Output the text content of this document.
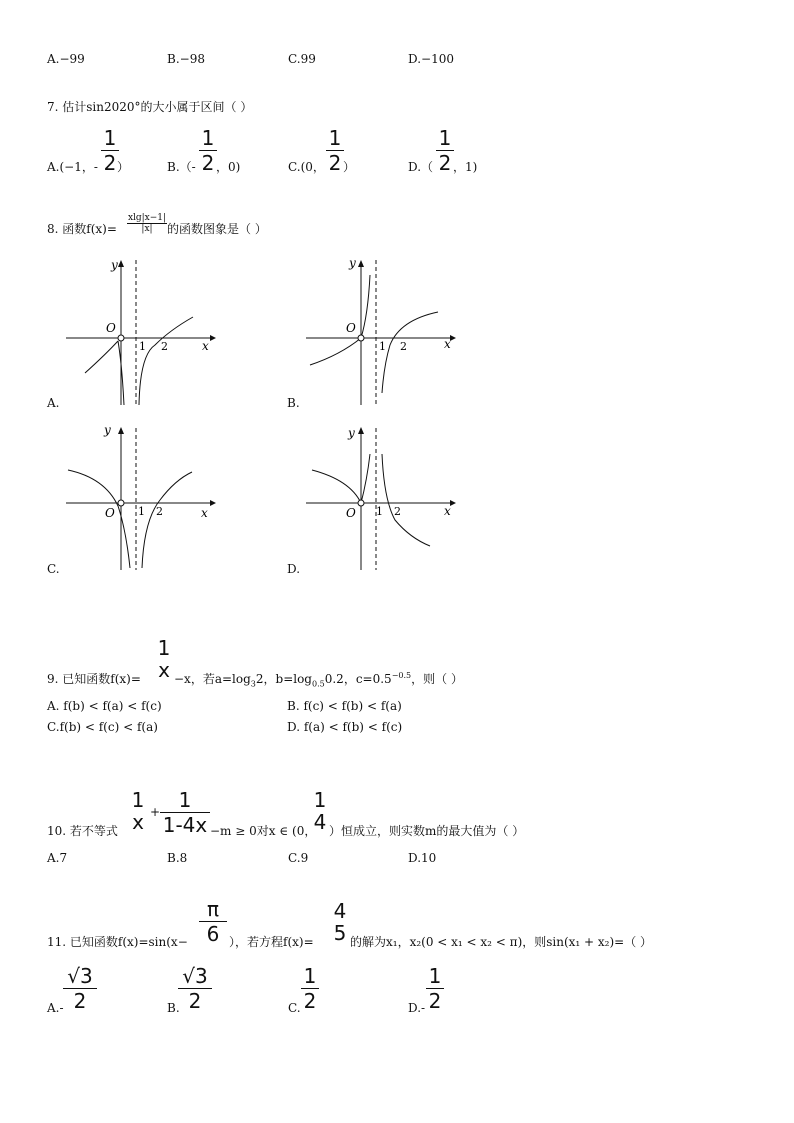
A.−99	B.−98	C.99	D.−100
7. 估计sin2020°的大小属于区间（ ）
A.(−1，-
1
2 ）	B.（-
1
2 ，0)	C.(0，
1
2 ）	D.（
1
2 ，1)
8. 函数f(x)=
xlg|x−1|
|x|	的函数图象是（ ）
y
O
1 2	x
A.
y
O
1 2	x
B.
y
O 1 2	x
C.
y
O 1 2	x
D.
9. 已知函数f(x)=
1
x −x，若$a=\log_32$，$b=\log_{0.5}0.2$，$c=0.5^{-0.5}$，则（ ）
A. f(b) < f(a) < f(c)	B. f(c) < f(b) < f(a)
C.f(b) < f(c) < f(a)	D. f(a) < f(b) < f(c)
10. 若不等式
1
x + 1
1-4x −m ≥ 0对x ∈ (0，
1
4 ）恒成立，则实数m的最大值为（ ）
A.7	B.8	C.9	D.10
11. 已知函数f(x)=sin(x−
π
6 ），若方程f(x)=
4
5 的解为x₁，x₂(0 < x₁ < x₂ < π)，则sin(x₁ + x₂)=（ ）
A.-
√3
2	B.
√3
2	C.
1
2	D.-
1
2
